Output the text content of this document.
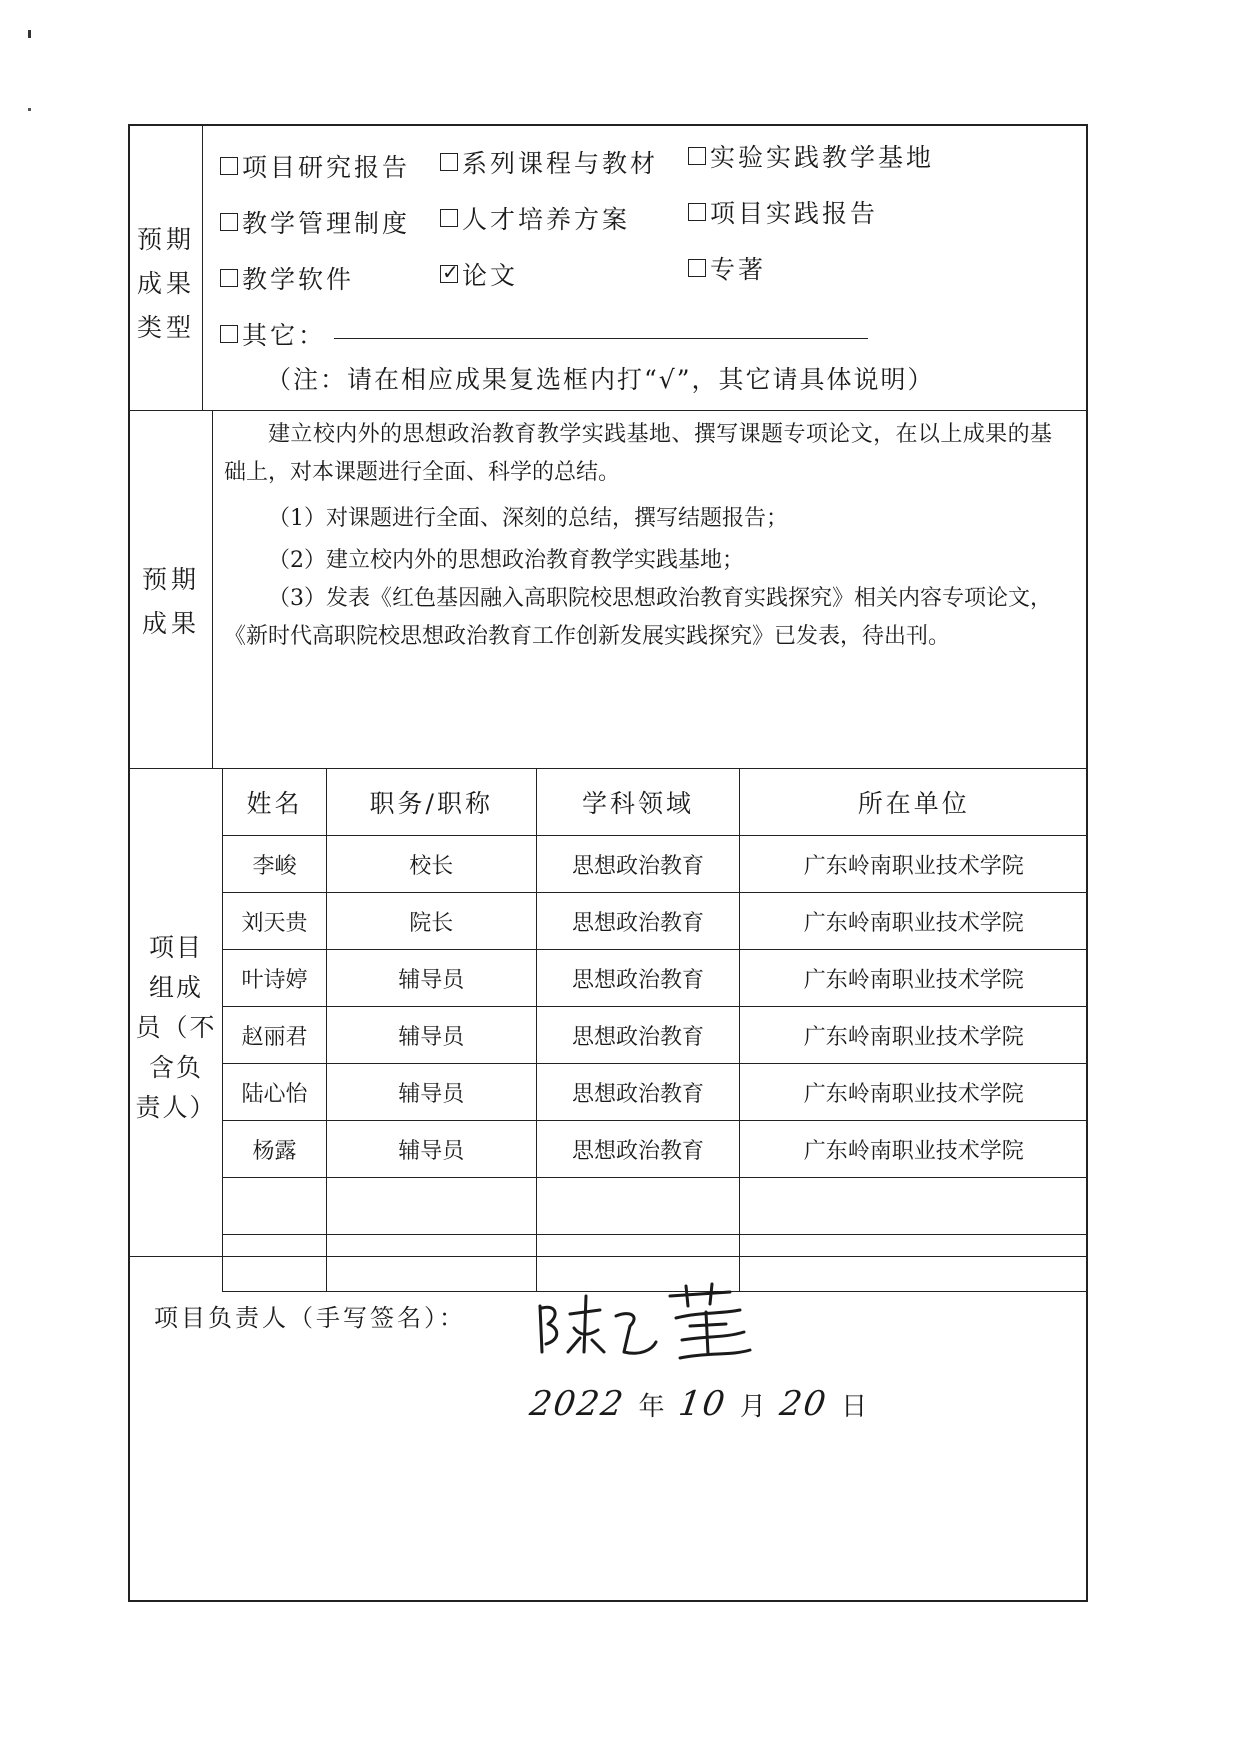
预期
成果
类型
项目研究报告 系列课程与教材 实验实践教学基地
教学管理制度 人才培养方案	项目实践报告
教学软件	✓ 论文	专著
其它：
（注：请在相应成果复选框内打“√”，其它请具体说明）
预期
成果

建立校内外的思想政治教育教学实践基地、撰写课题专项论文，在以上成果的基础上，对本课题进行全面、科学的总结。

（1）对课题进行全面、深刻的总结，撰写结题报告；

（2）建立校内外的思想政治教育教学实践基地；

（3）发表《红色基因融入高职院校思想政治教育实践探究》相关内容专项论文，《新时代高职院校思想政治教育工作创新发展实践探究》已发表，待出刊。

项目
组成
员（不
含负
责人）
姓名	职务/职称	学科领域	所在单位
李峻	校长	思想政治教育	广东岭南职业技术学院
刘天贵	院长	思想政治教育	广东岭南职业技术学院
叶诗婷	辅导员	思想政治教育	广东岭南职业技术学院
赵丽君	辅导员	思想政治教育	广东岭南职业技术学院
陆心怡	辅导员	思想政治教育	广东岭南职业技术学院
杨露	辅导员	思想政治教育	广东岭南职业技术学院

项目负责人（手写签名）：
2022 年 10 月 20 日
